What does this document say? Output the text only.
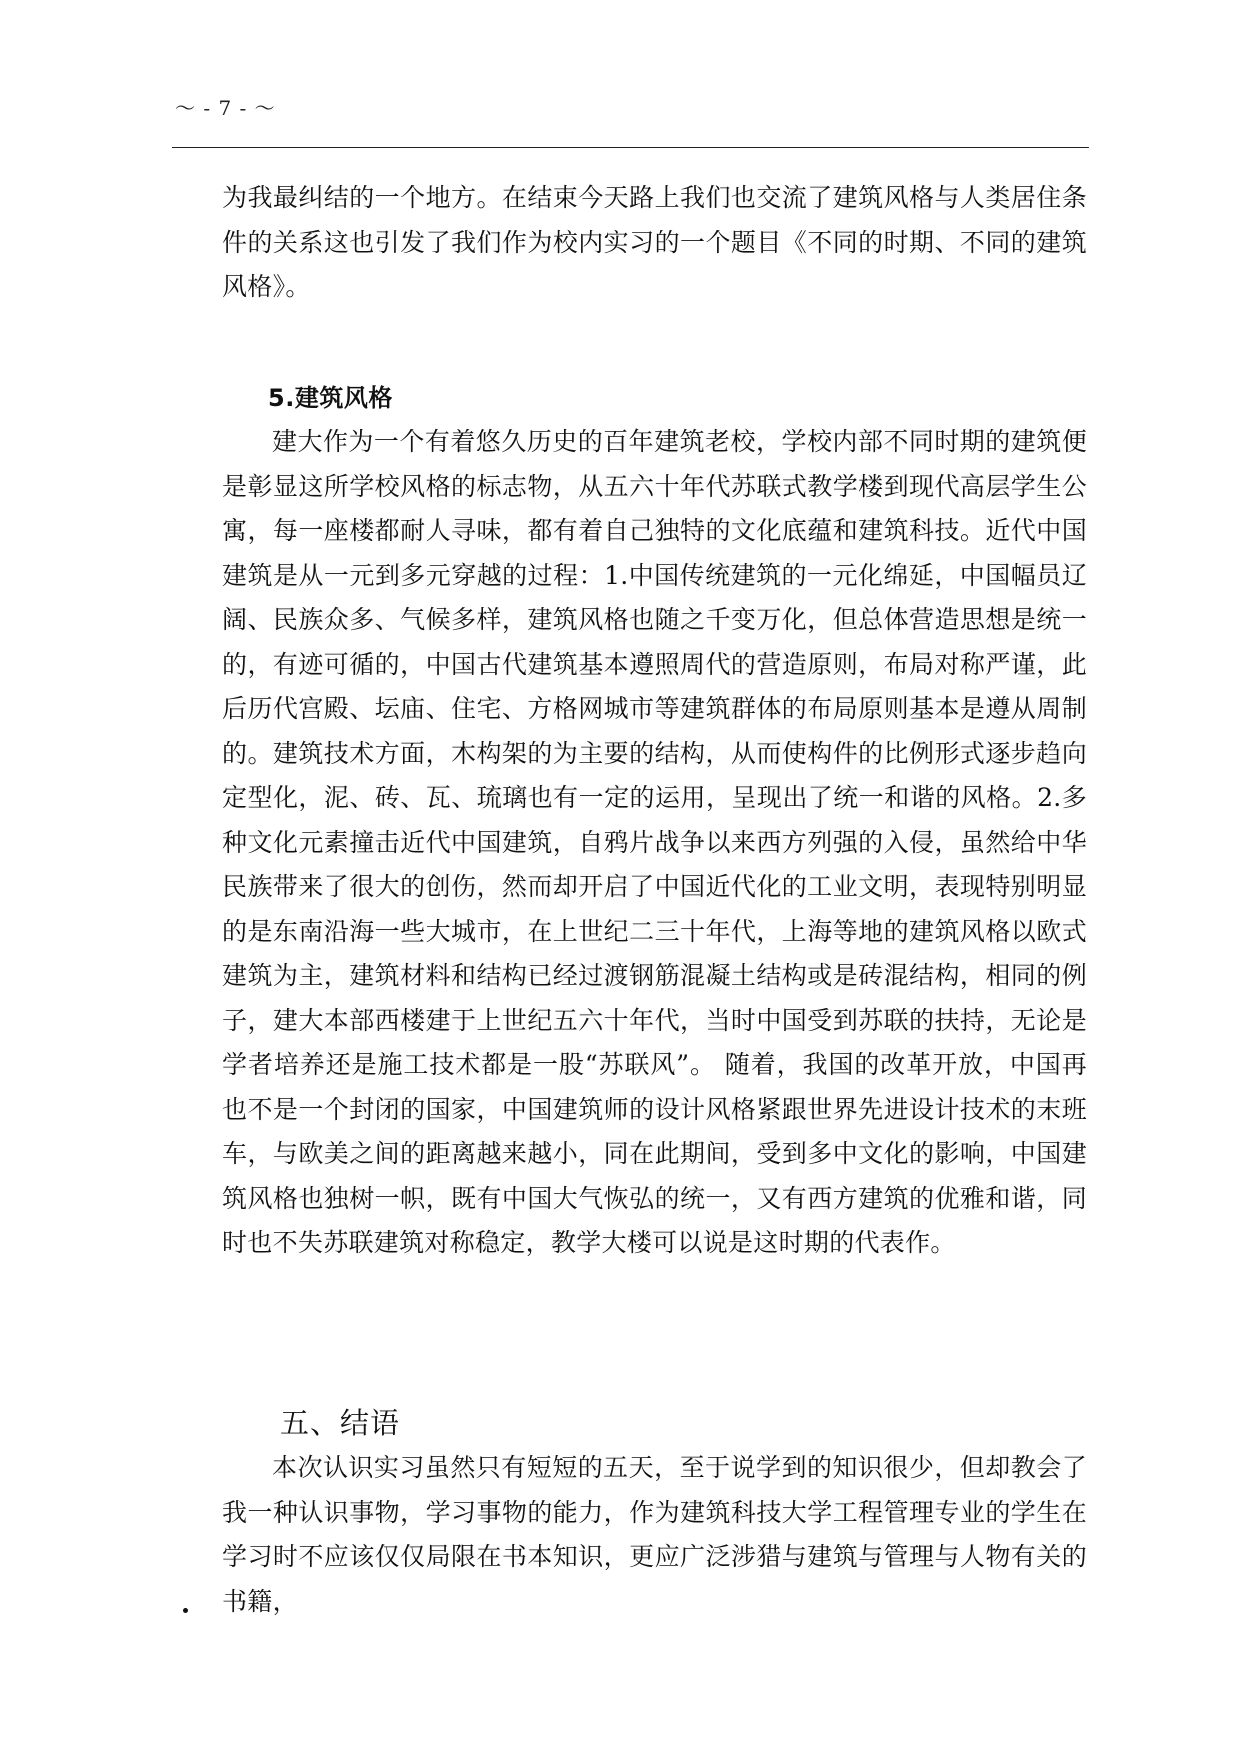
～ - 7 - ～

为我最纠结的一个地方。在结束今天路上我们也交流了建筑风格与人类居住条件的关系这也引发了我们作为校内实习的一个题目《不同的时期、不同的建筑风格》。

5.建筑风格

建大作为一个有着悠久历史的百年建筑老校，学校内部不同时期的建筑便是彰显这所学校风格的标志物，从五六十年代苏联式教学楼到现代高层学生公寓，每一座楼都耐人寻味，都有着自己独特的文化底蕴和建筑科技。近代中国建筑是从一元到多元穿越的过程：1.中国传统建筑的一元化绵延，中国幅员辽阔、民族众多、气候多样，建筑风格也随之千变万化，但总体营造思想是统一的，有迹可循的，中国古代建筑基本遵照周代的营造原则，布局对称严谨，此后历代宫殿、坛庙、住宅、方格网城市等建筑群体的布局原则基本是遵从周制的。建筑技术方面，木构架的为主要的结构，从而使构件的比例形式逐步趋向定型化，泥、砖、瓦、琉璃也有一定的运用，呈现出了统一和谐的风格。2.多种文化元素撞击近代中国建筑，自鸦片战争以来西方列强的入侵，虽然给中华民族带来了很大的创伤，然而却开启了中国近代化的工业文明，表现特别明显的是东南沿海一些大城市，在上世纪二三十年代，上海等地的建筑风格以欧式建筑为主，建筑材料和结构已经过渡钢筋混凝土结构或是砖混结构，相同的例子，建大本部西楼建于上世纪五六十年代，当时中国受到苏联的扶持，无论是学者培养还是施工技术都是一股“苏联风”。 随着，我国的改革开放，中国再也不是一个封闭的国家，中国建筑师的设计风格紧跟世界先进设计技术的末班车，与欧美之间的距离越来越小，同在此期间，受到多中文化的影响，中国建筑风格也独树一帜，既有中国大气恢弘的统一，又有西方建筑的优雅和谐，同时也不失苏联建筑对称稳定，教学大楼可以说是这时期的代表作。

五、结语

本次认识实习虽然只有短短的五天，至于说学到的知识很少，但却教会了我一种认识事物，学习事物的能力，作为建筑科技大学工程管理专业的学生在学习时不应该仅仅局限在书本知识，更应广泛涉猎与建筑与管理与人物有关的书籍，
